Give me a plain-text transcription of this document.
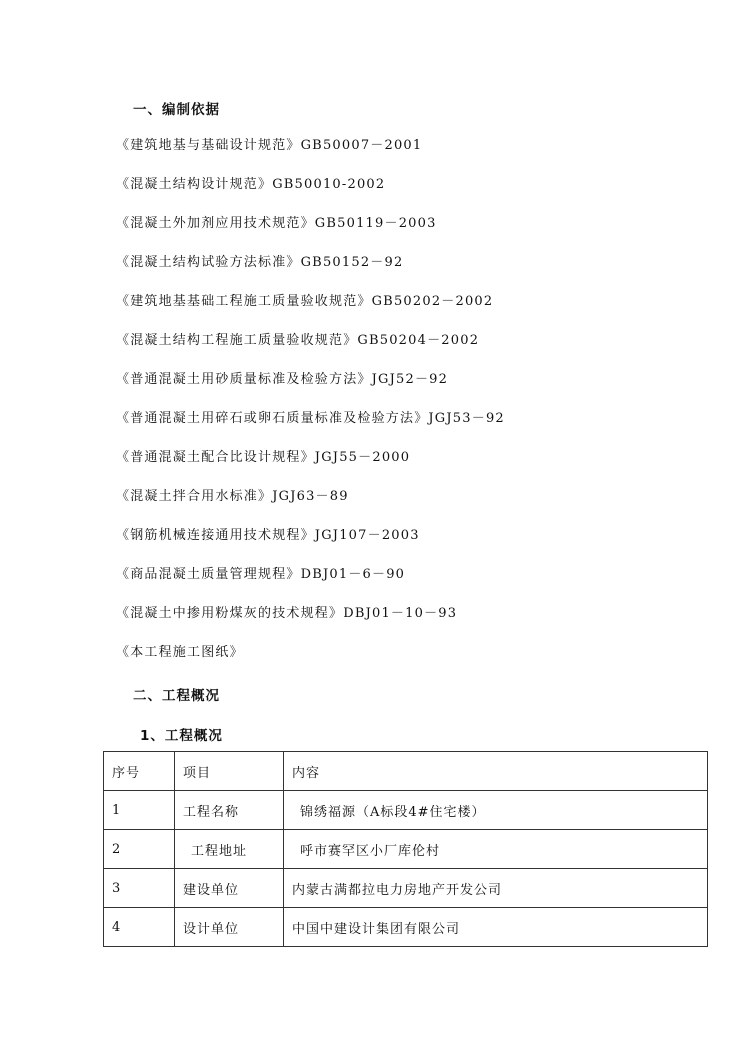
一、编制依据
《建筑地基与基础设计规范》GB50007－2001
《混凝土结构设计规范》GB50010-2002
《混凝土外加剂应用技术规范》GB50119－2003
《混凝土结构试验方法标准》GB50152－92
《建筑地基基础工程施工质量验收规范》GB50202－2002
《混凝土结构工程施工质量验收规范》GB50204－2002
《普通混凝土用砂质量标准及检验方法》JGJ52－92
《普通混凝土用碎石或卵石质量标准及检验方法》JGJ53－92
《普通混凝土配合比设计规程》JGJ55－2000
《混凝土拌合用水标准》JGJ63－89
《钢筋机械连接通用技术规程》JGJ107－2003
《商品混凝土质量管理规程》DBJ01－6－90
《混凝土中掺用粉煤灰的技术规程》DBJ01－10－93
《本工程施工图纸》
二、工程概况
1、工程概况
序号	项目	内容
1	工程名称	锦绣福源（A标段4#住宅楼）
2	工程地址	呼市赛罕区小厂库伦村
3	建设单位	内蒙古满都拉电力房地产开发公司
4	设计单位	中国中建设计集团有限公司
